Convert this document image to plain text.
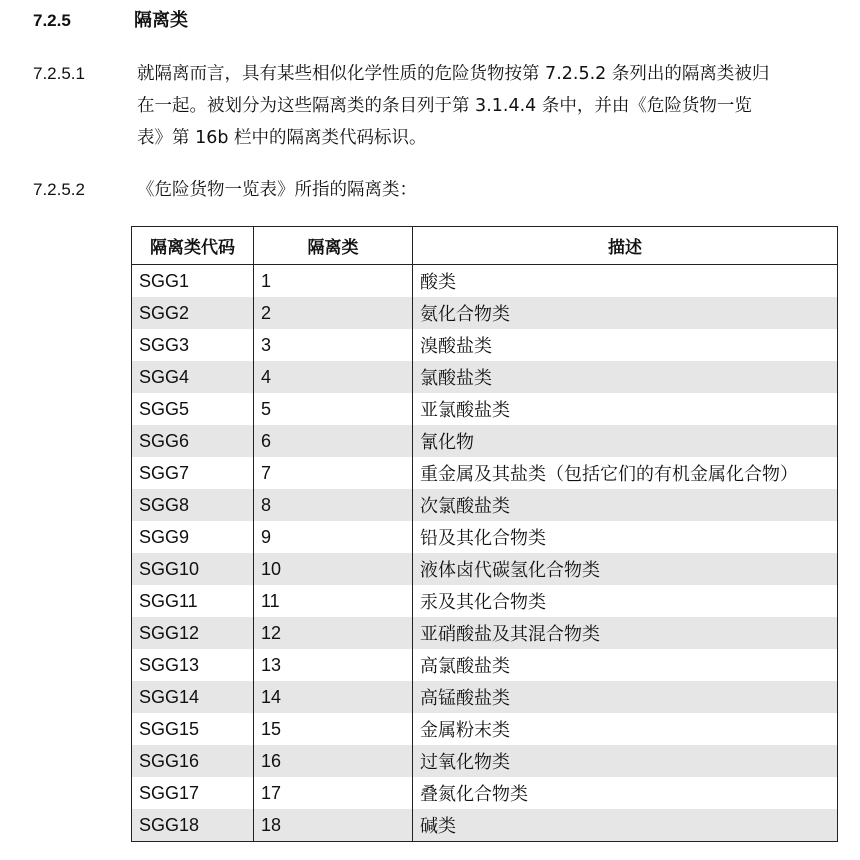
7.2.5	隔离类
7.2.5.1	就隔离而言，具有某些相似化学性质的危险货物按第 7.2.5.2 条列出的隔离类被归
在一起。被划分为这些隔离类的条目列于第 3.1.4.4 条中，并由《危险货物一览
表》第 16b 栏中的隔离类代码标识。
7.2.5.2	《危险货物一览表》所指的隔离类：
隔离类代码	隔离类	描述
SGG1	1	酸类
SGG2	2	氨化合物类
SGG3	3	溴酸盐类
SGG4	4	氯酸盐类
SGG5	5	亚氯酸盐类
SGG6	6	氰化物
SGG7	7	重金属及其盐类（包括它们的有机金属化合物）
SGG8	8	次氯酸盐类
SGG9	9	铅及其化合物类
SGG10	10	液体卤代碳氢化合物类
SGG11	11	汞及其化合物类
SGG12	12	亚硝酸盐及其混合物类
SGG13	13	高氯酸盐类
SGG14	14	高锰酸盐类
SGG15	15	金属粉末类
SGG16	16	过氧化物类
SGG17	17	叠氮化合物类
SGG18	18	碱类
